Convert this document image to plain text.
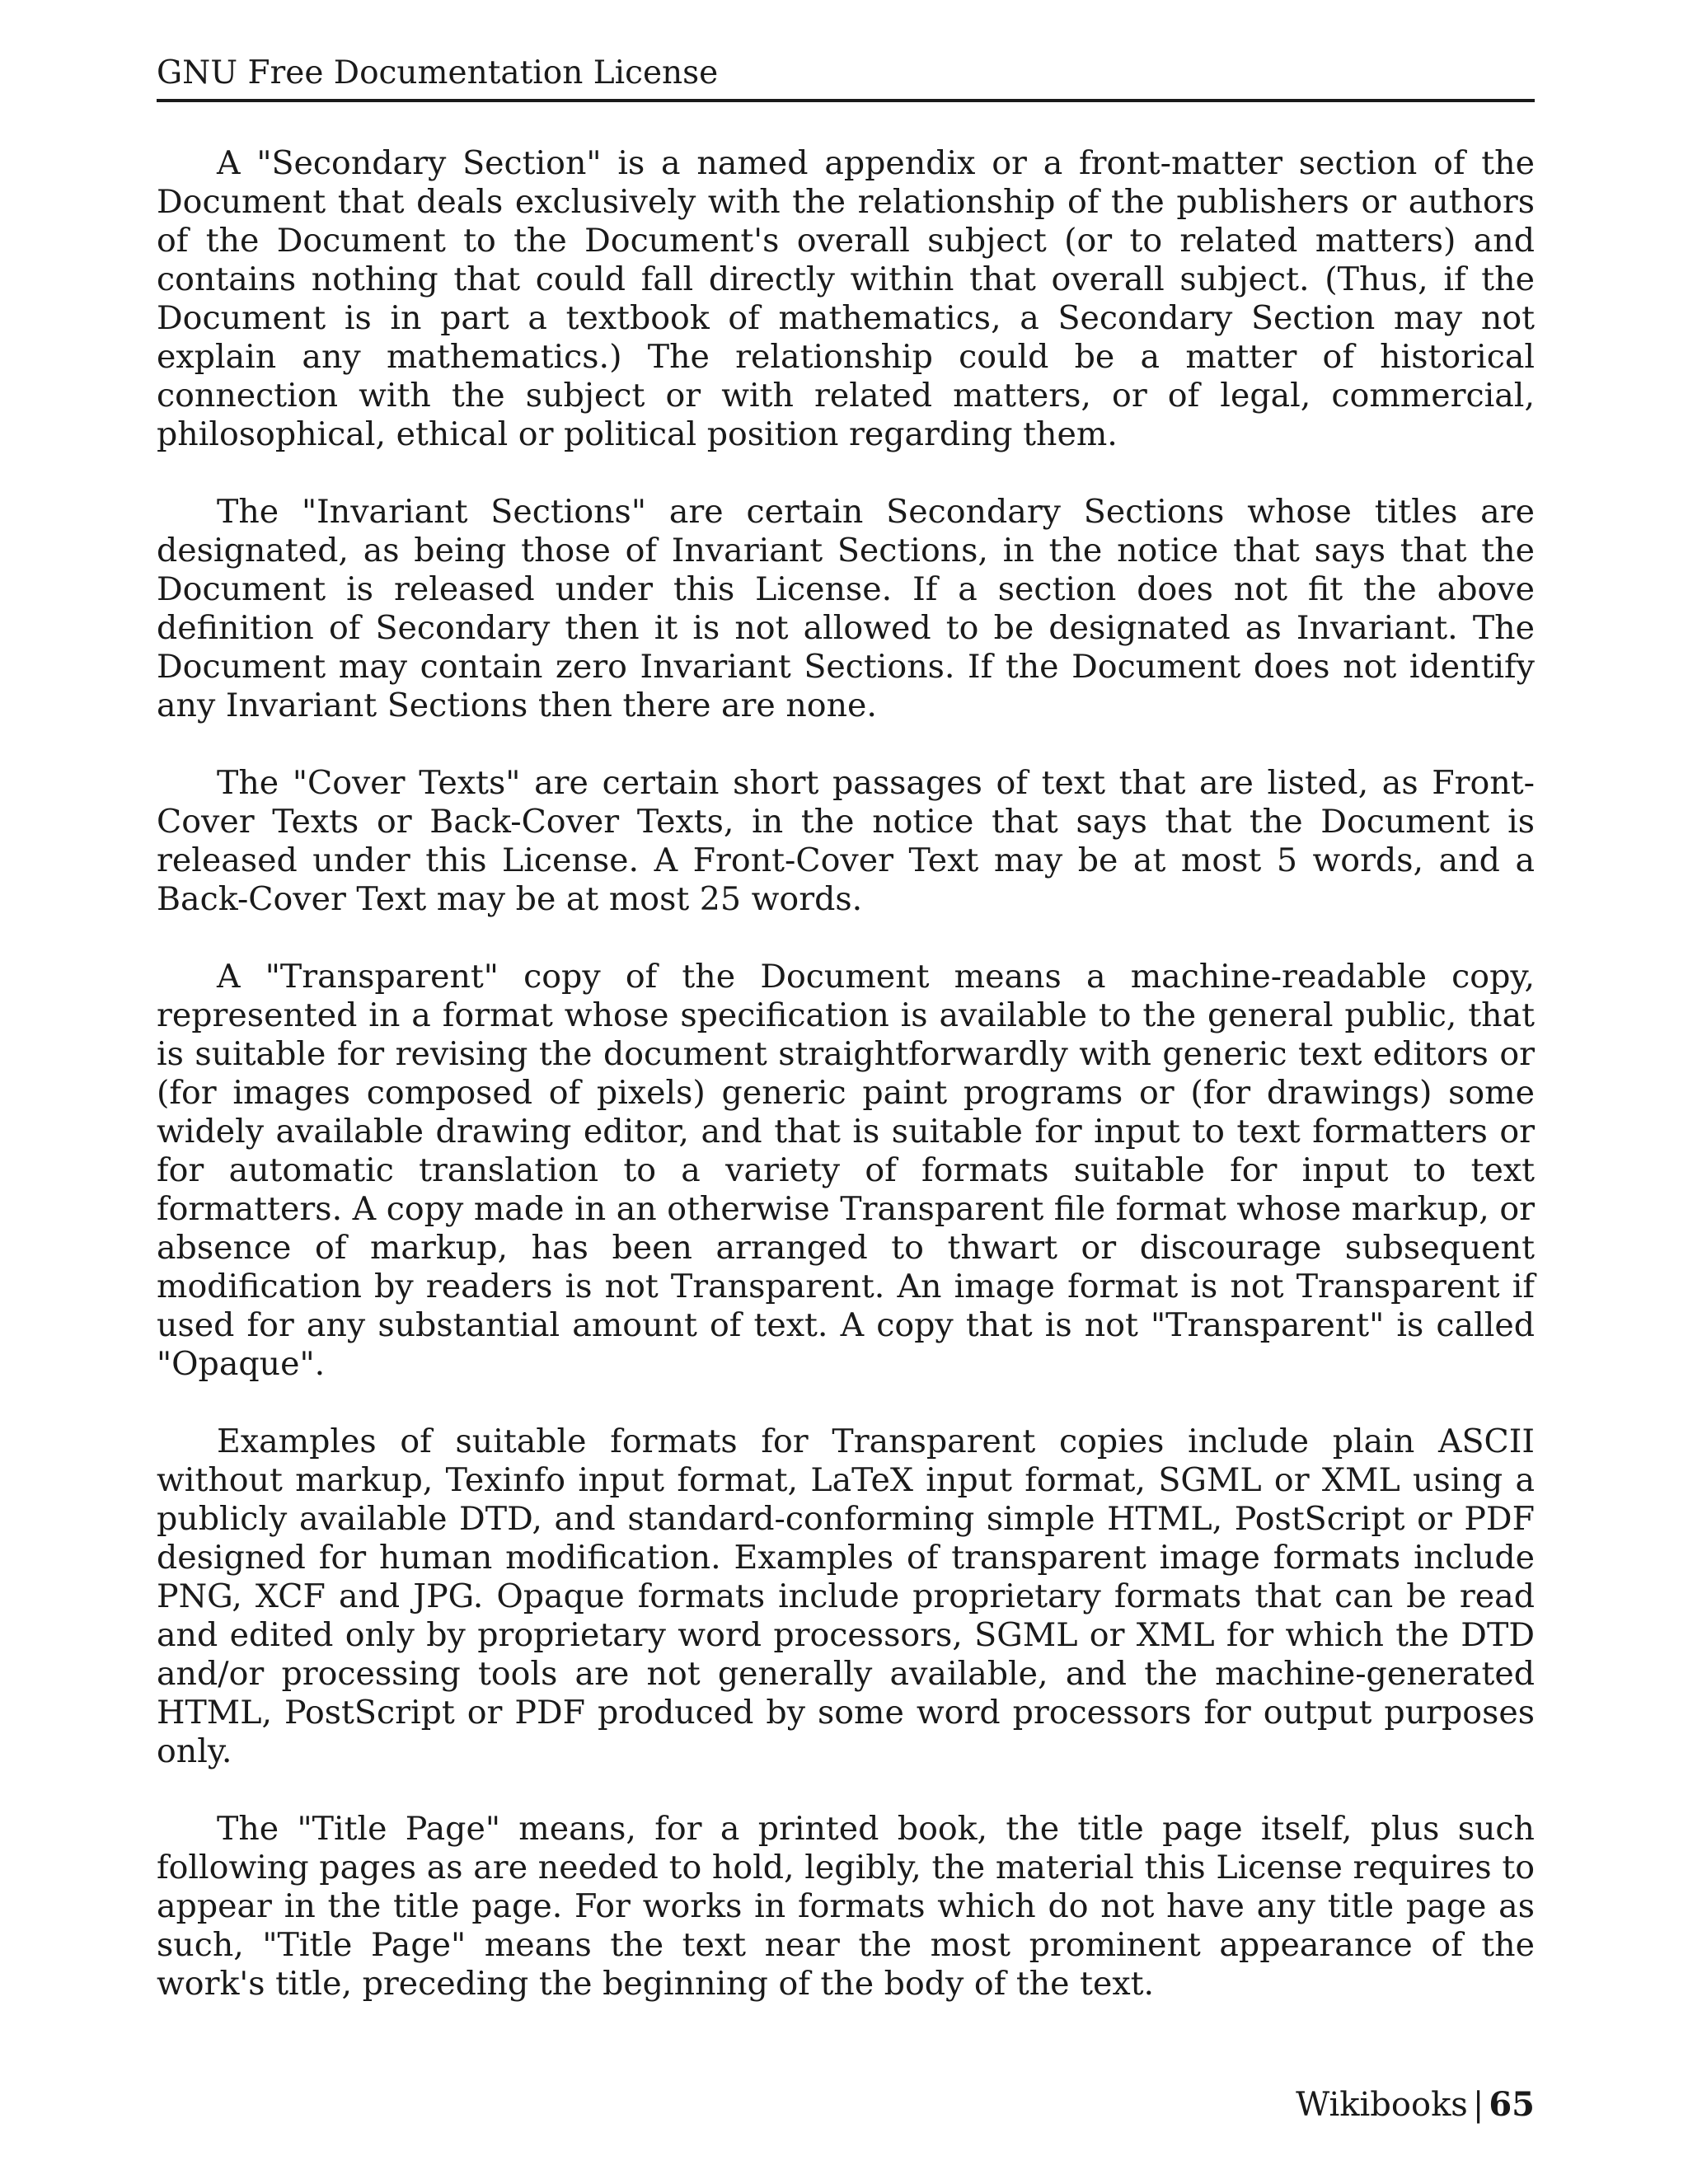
GNU Free Documentation License

A "Secondary Section" is a named appendix or a front-matter section of the Document that deals exclusively with the relationship of the publishers or authors of the Document to the Document's overall subject (or to related matters) and contains nothing that could fall directly within that overall subject. (Thus, if the Document is in part a textbook of mathematics, a Secondary Section may not explain any mathematics.) The relationship could be a matter of historical connection with the subject or with related matters, or of legal, commercial, philosophical, ethical or political position regarding them.

The "Invariant Sections" are certain Secondary Sections whose titles are designated, as being those of Invariant Sections, in the notice that says that the Document is released under this License. If a section does not fit the above definition of Secondary then it is not allowed to be designated as Invariant. The Document may contain zero Invariant Sections. If the Document does not identify any Invariant Sections then there are none.

The "Cover Texts" are certain short passages of text that are listed, as Front-Cover Texts or Back-Cover Texts, in the notice that says that the Document is released under this License. A Front-Cover Text may be at most 5 words, and a Back-Cover Text may be at most 25 words.

A "Transparent" copy of the Document means a machine-readable copy, represented in a format whose specification is available to the general public, that is suitable for revising the document straightforwardly with generic text editors or (for images composed of pixels) generic paint programs or (for drawings) some widely available drawing editor, and that is suitable for input to text formatters or for automatic translation to a variety of formats suitable for input to text formatters. A copy made in an otherwise Transparent file format whose markup, or absence of markup, has been arranged to thwart or discourage subsequent modification by readers is not Transparent. An image format is not Transparent if used for any substantial amount of text. A copy that is not "Transparent" is called "Opaque".

Examples of suitable formats for Transparent copies include plain ASCII without markup, Texinfo input format, LaTeX input format, SGML or XML using a publicly available DTD, and standard-conforming simple HTML, PostScript or PDF designed for human modification. Examples of transparent image formats include PNG, XCF and JPG. Opaque formats include proprietary formats that can be read and edited only by proprietary word processors, SGML or XML for which the DTD and/or processing tools are not generally available, and the machine-generated HTML, PostScript or PDF produced by some word processors for output purposes only.

The "Title Page" means, for a printed book, the title page itself, plus such following pages as are needed to hold, legibly, the material this License requires to appear in the title page. For works in formats which do not have any title page as such, "Title Page" means the text near the most prominent appearance of the work's title, preceding the beginning of the body of the text.

Wikibooks | 65
